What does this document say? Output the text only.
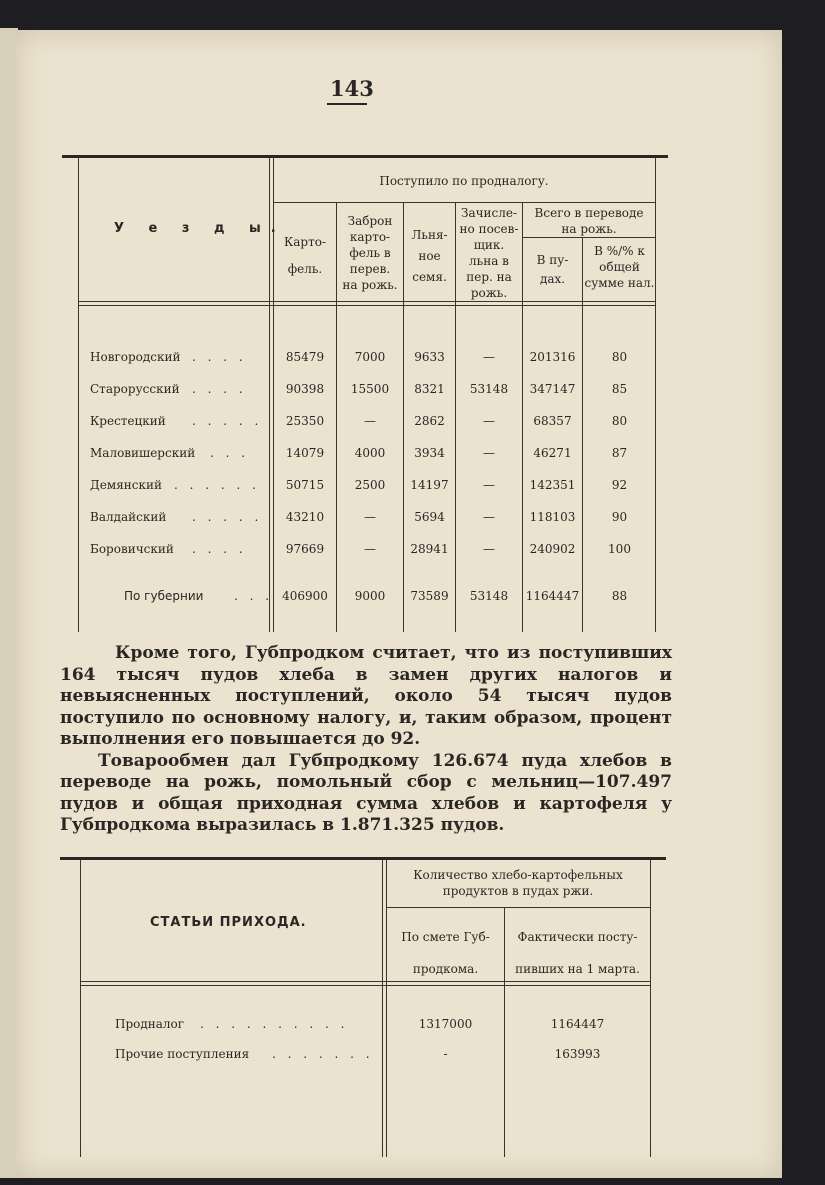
143
У е з д ы.
Поступило по продналогу.
Карто-
фель.
Заброн
карто-
фель в
перев.
на рожь.
Льня-
ное
семя.
Зачисле-
но посев-
щик.
льна в
пер. на
рожь.
Всего в переводе
на рожь.
В пу-
дах.
В %/% к
общей
сумме нал.
Новгородский . . . .	85479	7000	9633	—	201316	80
Старорусский . . . .	90398	15500	8321	53148	347147	85
Крестецкий . . . . .	25350	—	2862	—	68357	80
Маловишерский . . .	14079	4000	3934	—	46271	87
Демянский . . . . . .	50715	2500	14197	—	142351	92
Валдайский . . . . .	43210	—	5694	—	118103	90
Боровичский . . . .	97669	—	28941	—	240902	100
По губернии	. . . 406900	9000	73589	53148	1164447	88

Кроме того, Губпродком считает, что из поступивших 164 тысяч пудов хлеба в замен других налогов и невыясненных поступлений, около 54 тысяч пудов поступило по основному налогу, и, таким образом, процент выполнения его повышается до 92.

Товарообмен дал Губпродкому 126.674 пуда хлебов в переводе на рожь, помольный сбор с мельниц—107.497 пудов и общая приходная сумма хлебов и картофеля у Губпродкома выразилась в 1.871.325 пудов.

СТАТЬИ ПРИХОДА.
Количество хлебо-картофельных
продуктов в пудах ржи.
По смете Губ-
продкома.
Фактически посту-
пивших на 1 марта.
Продналог . . . . . . . . . .	1317000	1164447
Прочие поступления . . . . . . .	-	163993
